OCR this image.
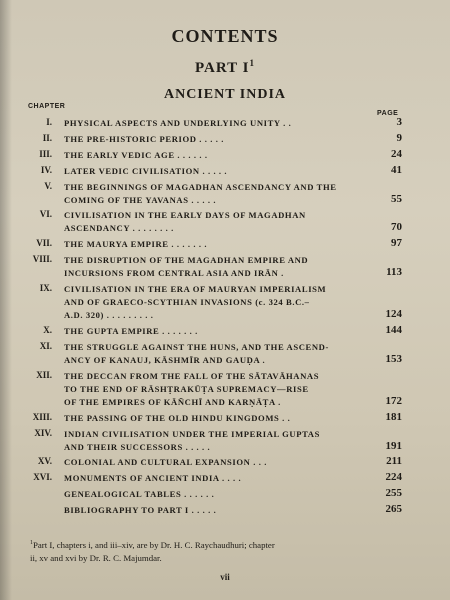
CONTENTS
PART $I^1$
ANCIENT INDIA
CHAPTER
PAGE
I. PHYSICAL ASPECTS AND UNDERLYING UNITY . .	3
II. THE PRE-HISTORIC PERIOD . . . . .	9
III. THE EARLY VEDIC AGE . . . . . .	24
IV. LATER VEDIC CIVILISATION . . . . .	41
V. THE BEGINNINGS OF MAGADHAN ASCENDANCY AND THE
COMING OF THE YAVANAS . . . . .	55
VI. CIVILISATION IN THE EARLY DAYS OF MAGADHAN
ASCENDANCY . . . . . . . .	70
VII. THE MAURYA EMPIRE . . . . . . .	97
VIII. THE DISRUPTION OF THE MAGADHAN EMPIRE AND
INCURSIONS FROM CENTRAL ASIA AND IRĀN .	113
IX. CIVILISATION IN THE ERA OF MAURYAN IMPERIALISM
AND OF GRAECO-SCYTHIAN INVASIONS (c. 324 B.C.–
A.D. 320) . . . . . . . . .	124
X. THE GUPTA EMPIRE . . . . . . .	144
XI. THE STRUGGLE AGAINST THE HUNS, AND THE ASCEND-
ANCY OF KANAUJ, KĀSHMĪR AND GAUḌA .	153
XII. THE DECCAN FROM THE FALL OF THE SĀTAVĀHANAS
TO THE END OF RĀSHṬRAKŪṬA SUPREMACY—RISE
OF THE EMPIRES OF KĀÑCHĪ AND KARṆĀṬA .	172
XIII. THE PASSING OF THE OLD HINDU KINGDOMS . .	181
XIV. INDIAN CIVILISATION UNDER THE IMPERIAL GUPTAS
AND THEIR SUCCESSORS . . . . .	191
XV. COLONIAL AND CULTURAL EXPANSION . . .	211
XVI. MONUMENTS OF ANCIENT INDIA . . . .	224
GENEALOGICAL TABLES . . . . . .	255
BIBLIOGRAPHY TO PART I . . . . .	265
$^1$Part I, chapters i, and iii–xiv, are by Dr. H. C. Raychaudhuri; chapter
ii, xv and xvi by Dr. R. C. Majumdar.
vii
